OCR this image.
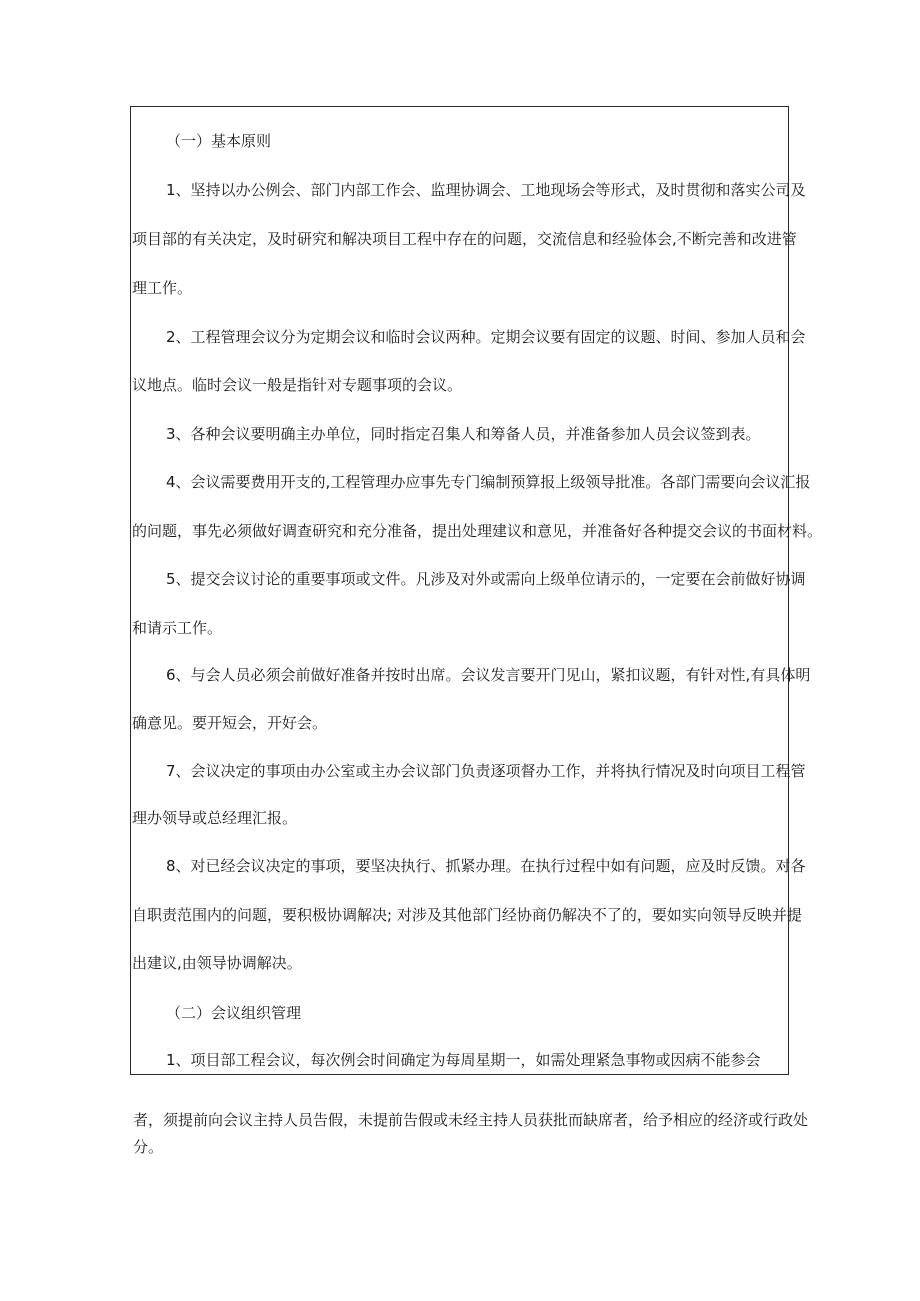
（一）基本原则
1、坚持以办公例会、部门内部工作会、监理协调会、工地现场会等形式，及时贯彻和落实公司及
项目部的有关决定，及时研究和解决项目工程中存在的问题，交流信息和经验体会,不断完善和改进管
理工作。
2、工程管理会议分为定期会议和临时会议两种。定期会议要有固定的议题、时间、参加人员和会
议地点。临时会议一般是指针对专题事项的会议。
3、各种会议要明确主办单位，同时指定召集人和筹备人员，并准备参加人员会议签到表。
4、会议需要费用开支的,工程管理办应事先专门编制预算报上级领导批准。各部门需要向会议汇报
的问题，事先必须做好调查研究和充分准备，提出处理建议和意见，并准备好各种提交会议的书面材料。
5、提交会议讨论的重要事项或文件。凡涉及对外或需向上级单位请示的，一定要在会前做好协调
和请示工作。
6、与会人员必须会前做好准备并按时出席。会议发言要开门见山，紧扣议题，有针对性,有具体明
确意见。要开短会，开好会。
7、会议决定的事项由办公室或主办会议部门负责逐项督办工作，并将执行情况及时向项目工程管
理办领导或总经理汇报。
8、对已经会议决定的事项，要坚决执行、抓紧办理。在执行过程中如有问题，应及时反馈。对各
自职责范围内的问题，要积极协调解决; 对涉及其他部门经协商仍解决不了的，要如实向领导反映并提
出建议,由领导协调解决。
（二）会议组织管理
1、项目部工程会议，每次例会时间确定为每周星期一，如需处理紧急事物或因病不能参会
者，须提前向会议主持人员告假，未提前告假或未经主持人员获批而缺席者，给予相应的经济或行政处
分。
